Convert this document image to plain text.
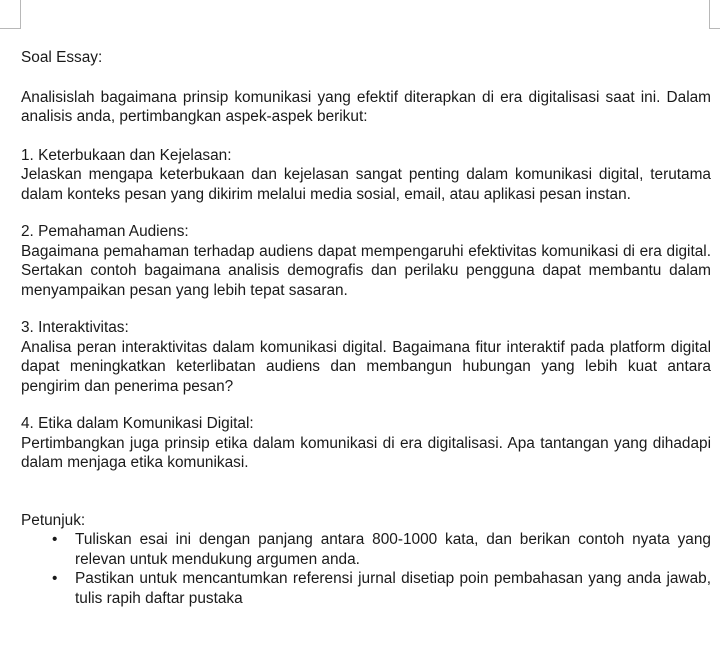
Soal Essay:

Analisislah bagaimana prinsip komunikasi yang efektif diterapkan di era digitalisasi saat ini. Dalam analisis anda, pertimbangkan aspek-aspek berikut:

1. Keterbukaan dan Kejelasan:

Jelaskan mengapa keterbukaan dan kejelasan sangat penting dalam komunikasi digital, terutama dalam konteks pesan yang dikirim melalui media sosial, email, atau aplikasi pesan instan.

2. Pemahaman Audiens:

Bagaimana pemahaman terhadap audiens dapat mempengaruhi efektivitas komunikasi di era digital. Sertakan contoh bagaimana analisis demografis dan perilaku pengguna dapat membantu dalam menyampaikan pesan yang lebih tepat sasaran.

3. Interaktivitas:

Analisa peran interaktivitas dalam komunikasi digital. Bagaimana fitur interaktif pada platform digital dapat meningkatkan keterlibatan audiens dan membangun hubungan yang lebih kuat antara pengirim dan penerima pesan?

4. Etika dalam Komunikasi Digital:

Pertimbangkan juga prinsip etika dalam komunikasi di era digitalisasi. Apa tantangan yang dihadapi dalam menjaga etika komunikasi.

Petunjuk:

• Tuliskan esai ini dengan panjang antara 800-1000 kata, dan berikan contoh nyata yang relevan untuk mendukung argumen anda.
• Pastikan untuk mencantumkan referensi jurnal disetiap poin pembahasan yang anda jawab, tulis rapih daftar pustaka
